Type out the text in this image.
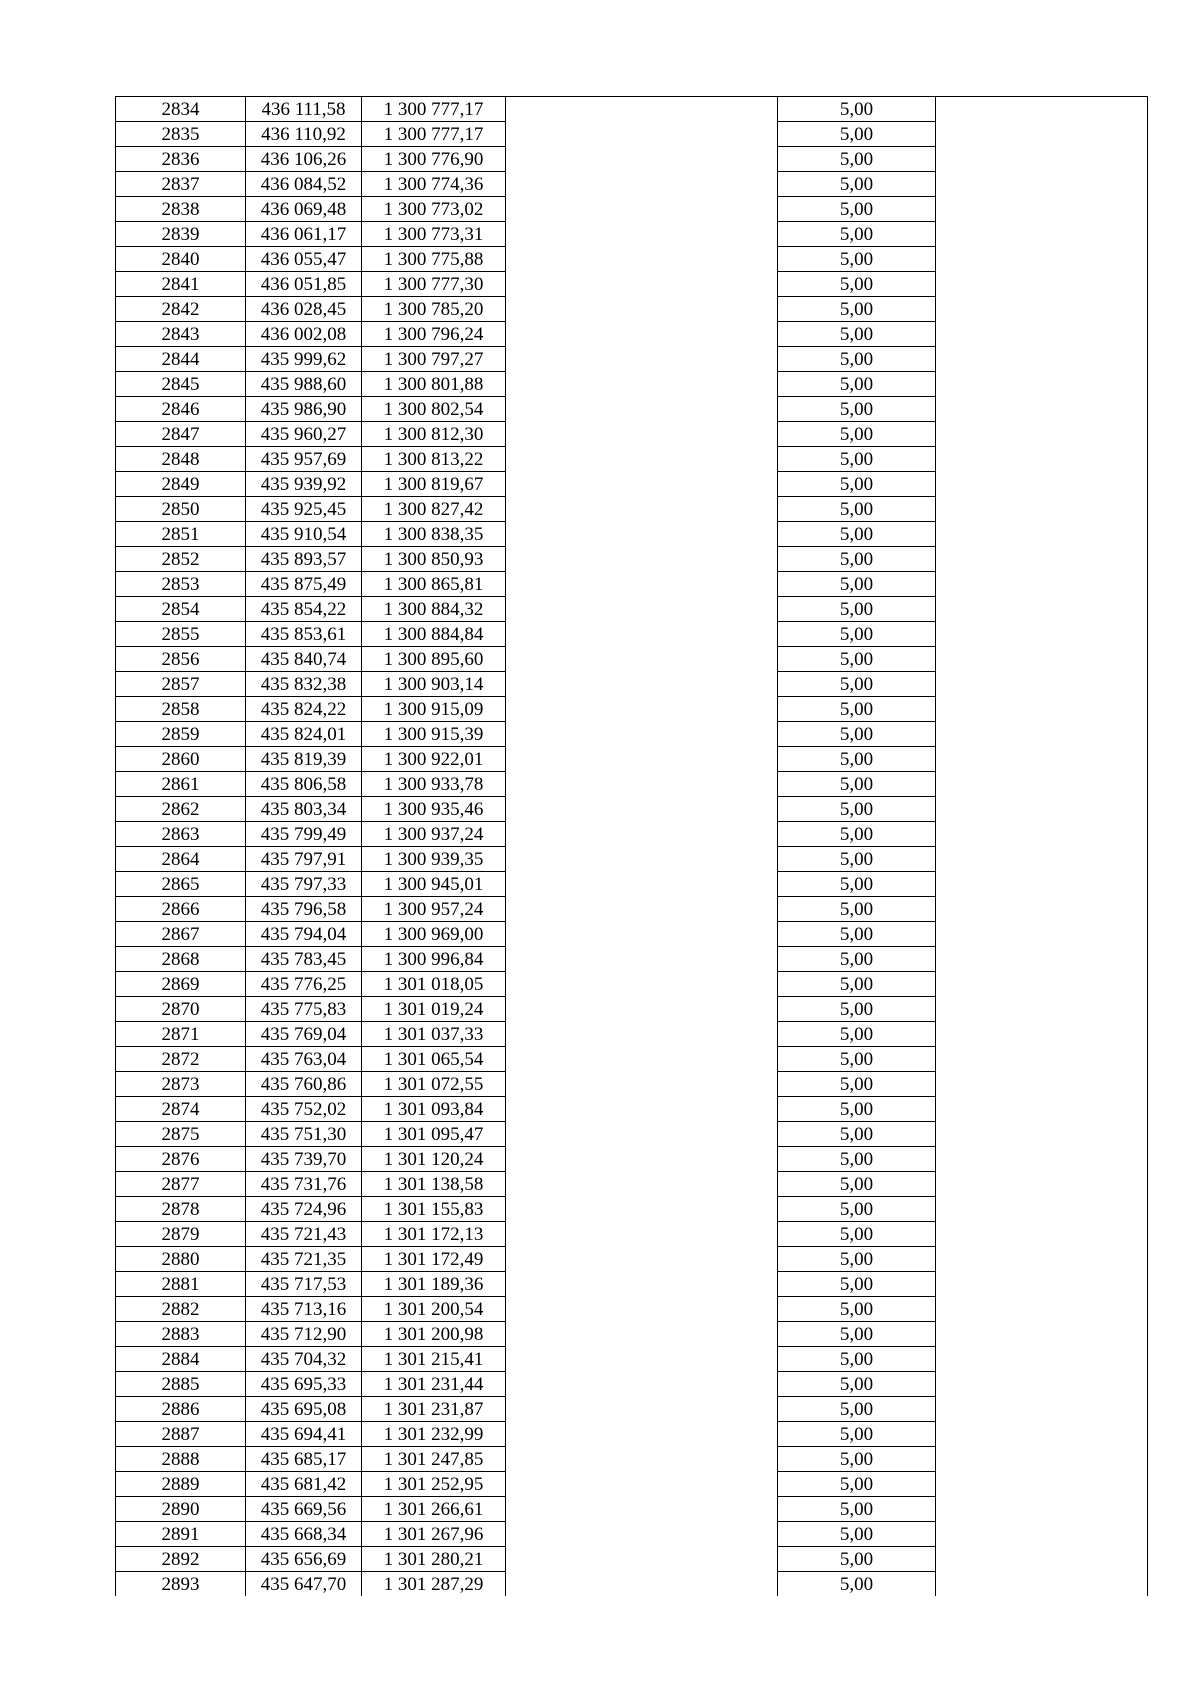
2834	436 111,58	1 300 777,17		5,00	
2835	436 110,92	1 300 777,17		5,00	
2836	436 106,26	1 300 776,90		5,00	
2837	436 084,52	1 300 774,36		5,00	
2838	436 069,48	1 300 773,02		5,00	
2839	436 061,17	1 300 773,31		5,00	
2840	436 055,47	1 300 775,88		5,00	
2841	436 051,85	1 300 777,30		5,00	
2842	436 028,45	1 300 785,20		5,00	
2843	436 002,08	1 300 796,24		5,00	
2844	435 999,62	1 300 797,27		5,00	
2845	435 988,60	1 300 801,88		5,00	
2846	435 986,90	1 300 802,54		5,00	
2847	435 960,27	1 300 812,30		5,00	
2848	435 957,69	1 300 813,22		5,00	
2849	435 939,92	1 300 819,67		5,00	
2850	435 925,45	1 300 827,42		5,00	
2851	435 910,54	1 300 838,35		5,00	
2852	435 893,57	1 300 850,93		5,00	
2853	435 875,49	1 300 865,81		5,00	
2854	435 854,22	1 300 884,32		5,00	
2855	435 853,61	1 300 884,84		5,00	
2856	435 840,74	1 300 895,60		5,00	
2857	435 832,38	1 300 903,14		5,00	
2858	435 824,22	1 300 915,09		5,00	
2859	435 824,01	1 300 915,39		5,00	
2860	435 819,39	1 300 922,01		5,00	
2861	435 806,58	1 300 933,78		5,00	
2862	435 803,34	1 300 935,46		5,00	
2863	435 799,49	1 300 937,24		5,00	
2864	435 797,91	1 300 939,35		5,00	
2865	435 797,33	1 300 945,01		5,00	
2866	435 796,58	1 300 957,24		5,00	
2867	435 794,04	1 300 969,00		5,00	
2868	435 783,45	1 300 996,84		5,00	
2869	435 776,25	1 301 018,05		5,00	
2870	435 775,83	1 301 019,24		5,00	
2871	435 769,04	1 301 037,33		5,00	
2872	435 763,04	1 301 065,54		5,00	
2873	435 760,86	1 301 072,55		5,00	
2874	435 752,02	1 301 093,84		5,00	
2875	435 751,30	1 301 095,47		5,00	
2876	435 739,70	1 301 120,24		5,00	
2877	435 731,76	1 301 138,58		5,00	
2878	435 724,96	1 301 155,83		5,00	
2879	435 721,43	1 301 172,13		5,00	
2880	435 721,35	1 301 172,49		5,00	
2881	435 717,53	1 301 189,36		5,00	
2882	435 713,16	1 301 200,54		5,00	
2883	435 712,90	1 301 200,98		5,00	
2884	435 704,32	1 301 215,41		5,00	
2885	435 695,33	1 301 231,44		5,00	
2886	435 695,08	1 301 231,87		5,00	
2887	435 694,41	1 301 232,99		5,00	
2888	435 685,17	1 301 247,85		5,00	
2889	435 681,42	1 301 252,95		5,00	
2890	435 669,56	1 301 266,61		5,00	
2891	435 668,34	1 301 267,96		5,00	
2892	435 656,69	1 301 280,21		5,00	
2893	435 647,70	1 301 287,29		5,00	
